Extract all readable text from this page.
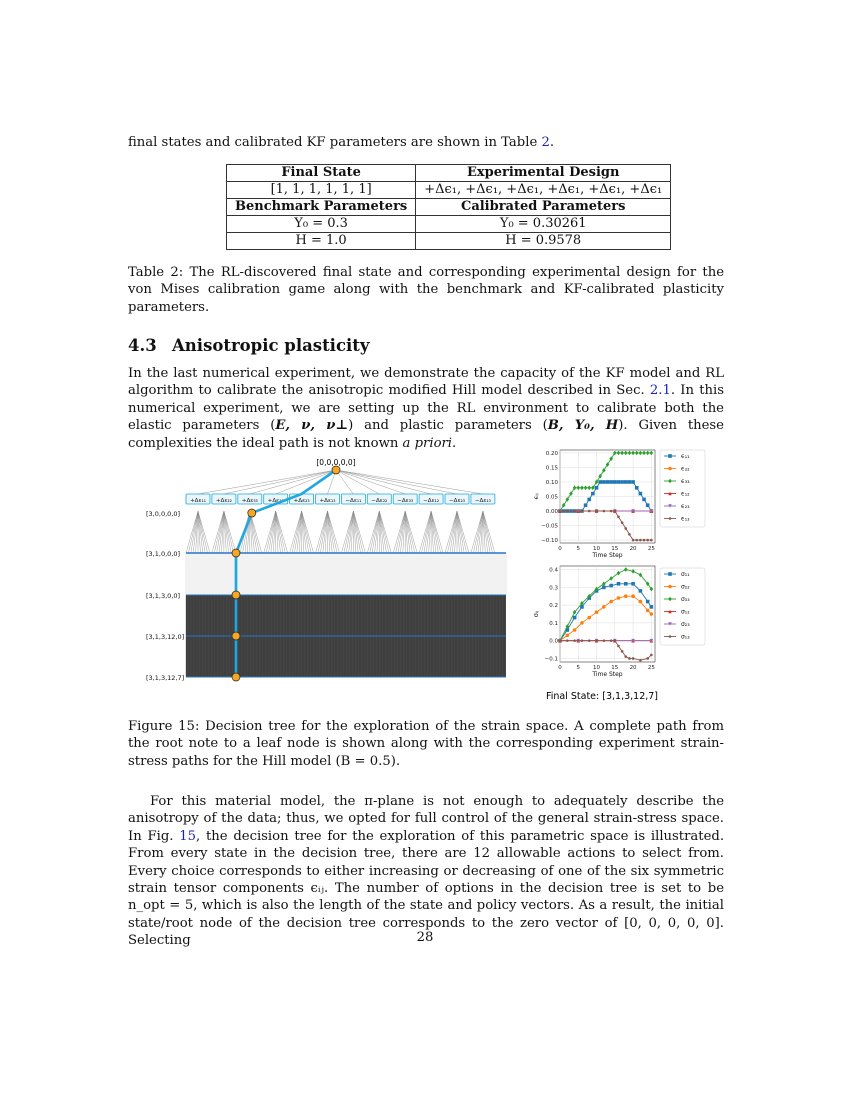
final states and calibrated KF parameters are shown in Table 2.
Final State	Experimental Design
[1, 1, 1, 1, 1, 1]	+Δϵ₁, +Δϵ₁, +Δϵ₁, +Δϵ₁, +Δϵ₁, +Δϵ₁
Benchmark Parameters	Calibrated Parameters
Y₀ = 0.3	Y₀ = 0.30261
H = 1.0	H = 0.9578
Table 2: The RL-discovered final state and corresponding experimental design for the von Mises calibration game along with the benchmark and KF-calibrated plasticity parameters.
4.3 Anisotropic plasticity
In the last numerical experiment, we demonstrate the capacity of the KF model and RL algorithm to calibrate the anisotropic modified Hill model described in Sec. 2.1. In this numerical experiment, we are setting up the RL environment to calibrate both the elastic parameters (E, ν, ν⊥) and plastic parameters (B, Y₀, H). Given these complexities the ideal path is not known a priori.
+Δε₁₁ +Δε₂₂ +Δε₃₃ +Δε₁₂ +Δε₂₃ +Δε₁₃ −Δε₁₁ −Δε₂₂ −Δε₃₃ −Δε₁₂ −Δε₂₃ −Δε₁₃
[3,0,0,0,0]
[3,1,0,0,0]
[3,1,3,0,0]
[3,1,3,12,0]
[3,1,3,12,7]
[0,0,0,0,0]
0	5 10 15 20 25
−0.10
−0.05
0.00
0.05
0.10
0.15
0.20
Time Step
ϵᵢⱼ
ϵ₁₁
ϵ₂₂
ϵ₃₃
ϵ₁₂
ϵ₂₃
ϵ₁₃
0	5 10 15 20 25
−0.1
0.0
0.1
0.2
0.3
0.4
Time Step
σᵢⱼ
σ₁₁
σ₂₂
σ₃₃
σ₁₂
σ₂₃
σ₁₃
Final State: [3,1,3,12,7]
Figure 15: Decision tree for the exploration of the strain space. A complete path from the root note to a leaf node is shown along with the corresponding experiment strain-stress paths for the Hill model (B = 0.5).
For this material model, the π-plane is not enough to adequately describe the anisotropy of the data; thus, we opted for full control of the general strain-stress space. In Fig. 15, the decision tree for the exploration of this parametric space is illustrated. From every state in the decision tree, there are 12 allowable actions to select from. Every choice corresponds to either increasing or decreasing of one of the six symmetric strain tensor components ϵᵢⱼ. The number of options in the decision tree is set to be n_opt = 5, which is also the length of the state and policy vectors. As a result, the initial state/root node of the decision tree corresponds to the zero vector of [0, 0, 0, 0, 0]. Selecting	28
